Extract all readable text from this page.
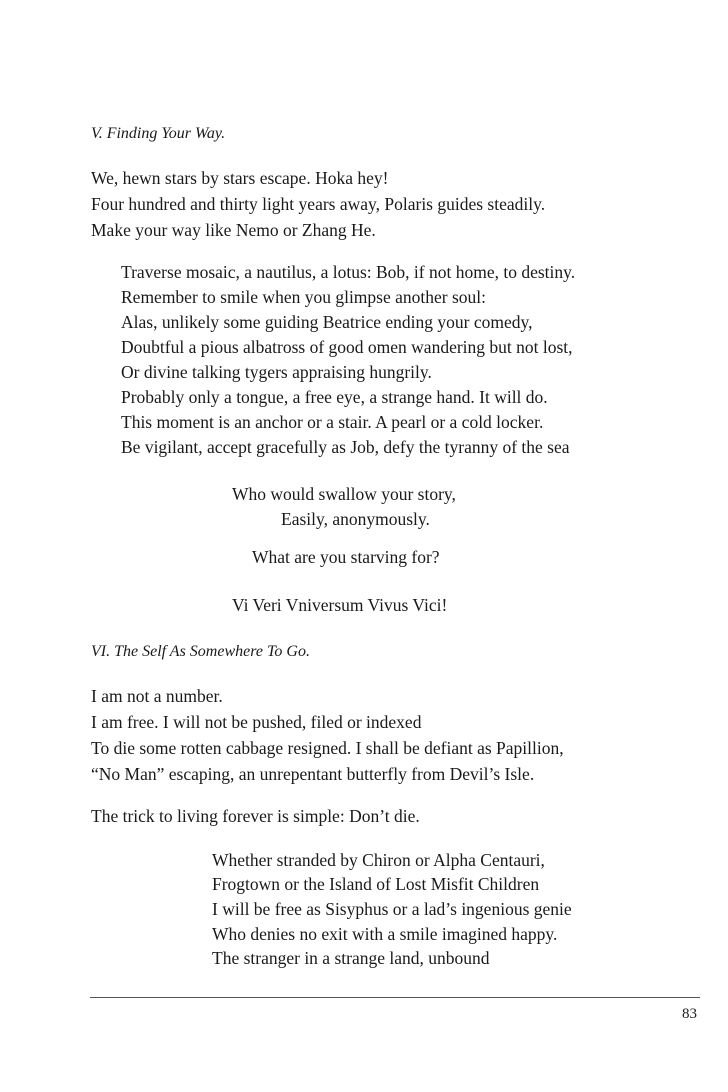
V. Finding Your Way.
We, hewn stars by stars escape. Hoka hey!
Four hundred and thirty light years away, Polaris guides steadily.
Make your way like Nemo or Zhang He.
Traverse mosaic, a nautilus, a lotus: Bob, if not home, to destiny.
Remember to smile when you glimpse another soul:
Alas, unlikely some guiding Beatrice ending your comedy,
Doubtful a pious albatross of good omen wandering but not lost,
Or divine talking tygers appraising hungrily.
Probably only a tongue, a free eye, a strange hand. It will do.
This moment is an anchor or a stair. A pearl or a cold locker.
Be vigilant, accept gracefully as Job, defy the tyranny of the sea
Who would swallow your story,
Easily, anonymously.
What are you starving for?
Vi Veri Vniversum Vivus Vici!
VI. The Self As Somewhere To Go.
I am not a number.
I am free. I will not be pushed, filed or indexed
To die some rotten cabbage resigned. I shall be defiant as Papillion,
“No Man” escaping, an unrepentant butterfly from Devil’s Isle.
The trick to living forever is simple: Don’t die.
Whether stranded by Chiron or Alpha Centauri,
Frogtown or the Island of Lost Misfit Children
I will be free as Sisyphus or a lad’s ingenious genie
Who denies no exit with a smile imagined happy.
The stranger in a strange land, unbound
83
